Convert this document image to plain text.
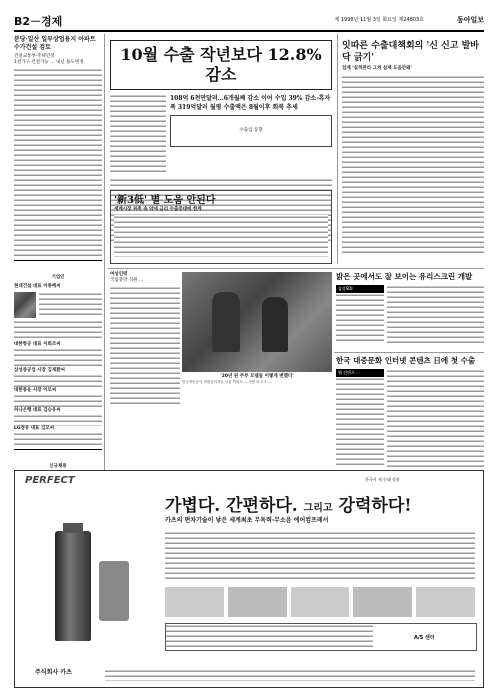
B2－경제	제 1998년 11월 3일 화요일 제24803호	동아일보
분당·일산 일부상업용지 아파트 수가건설 검토
건설교통부·주택건설
1천가구 건설가능 … 내년 용도변경
기업인
현대건설 대표 이종배씨
대한항공 대표 이희조씨
삼성중공업 사장 김재환씨
대한통운 사장 이모씨
하나은행 대표 김승유씨
LG정유 대표 김모씨
신규채용
10월 수출 작년보다 12.8% 감소
108억 6천만달러…6개월째 감소 이어 수입 39% 감소-흑자폭 319억달러 월평 수출액은 8월이후 회복 추세
수출입 동향
잇따른 수출대책회의 '신 신고 발바닥 긁기'
업계 '실적관리 그쳐 실제 도움안돼'
'新3低' 별 도움 안된다
세계시장 위축 속 약세 금리 수출증대에 한계
여성인력
국립중앙 직원 ...
'20년 된 주부 모델들 이렇게 변했다'
한국방송공사 직원들이 3일 서울 여의도 ... 가면 마스크 ...
밝은 곳에서도 잘 보이는 유리스크린 개발
삼성SDI
한국 대중문화 인터넷 콘텐츠 日에 첫 수출
웹 컨텐츠 ...
PERFECT	한국키 제 동래 상품
가볍다. 간편하다. 그리고 강력하다!
카츠의 편차기술이 낳은 세계최초 무독력·무소음 에어컴프레서
A/S 센터
주식회사 카츠
